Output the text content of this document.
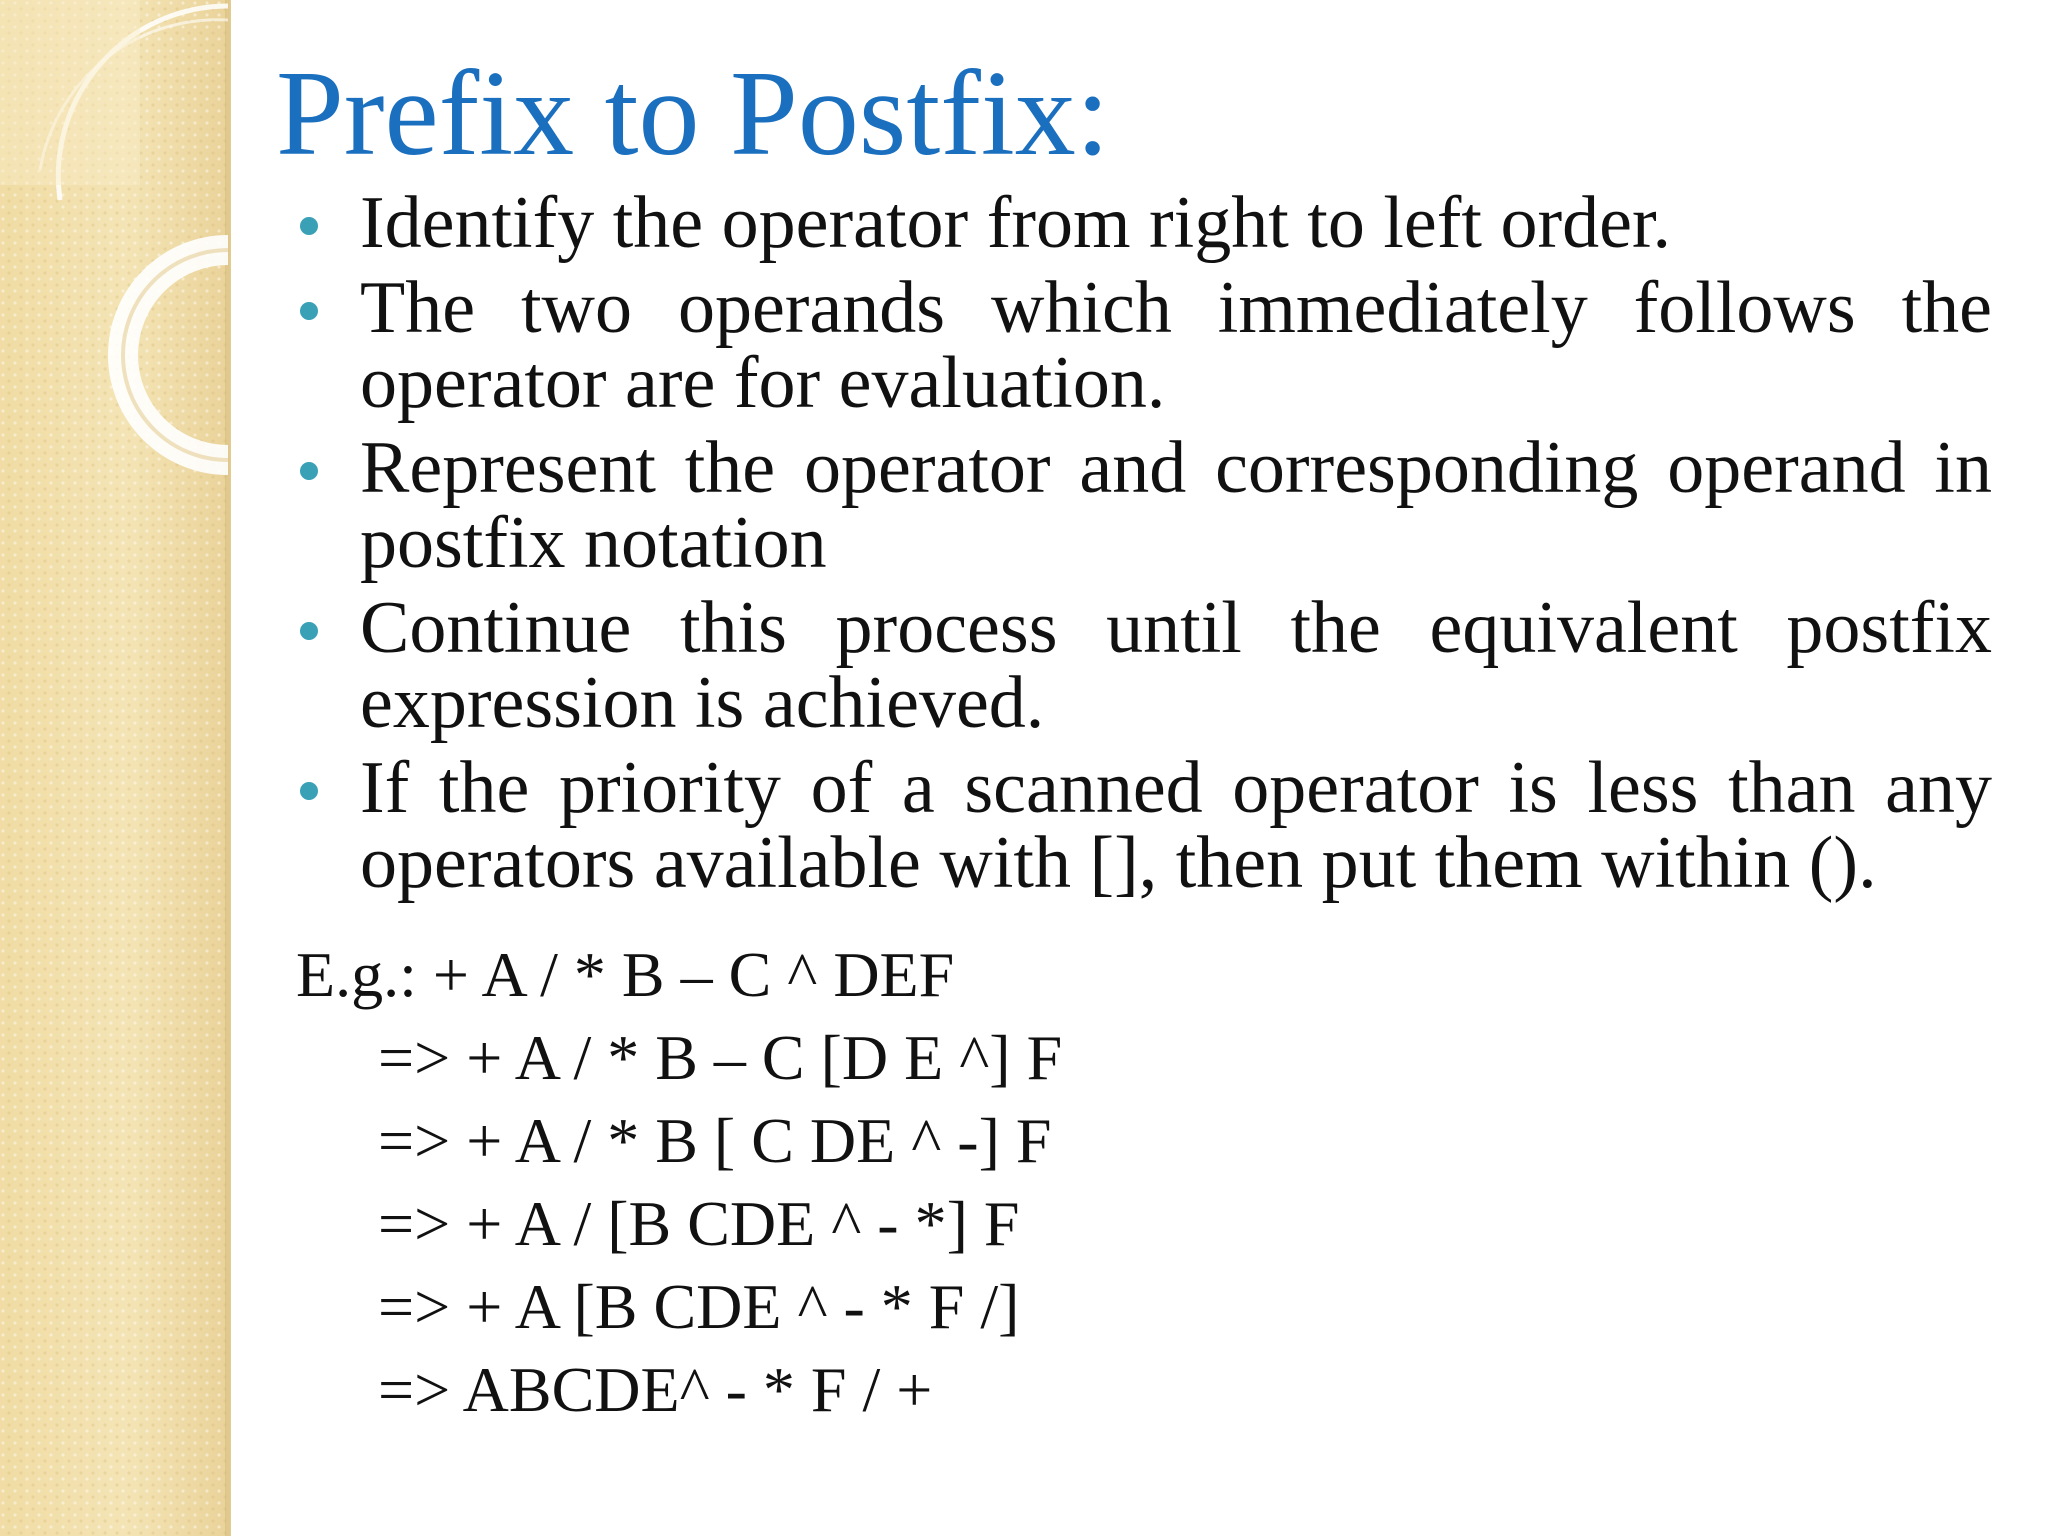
Prefix to Postfix:
Identify the operator from right to left order.
The two operands which immediately follows the operator are for evaluation.
Represent the operator and corresponding operand in postfix notation
Continue this process until the equivalent postfix expression is achieved.
If the priority of a scanned operator is less than any operators available with [], then put them within ().

E.g.: + A / * B – C ^ DEF

=> + A / * B – C [D E ^] F
=> + A / * B [ C DE ^ -] F
=> + A / [B CDE ^ - *] F
=> + A [B CDE ^ - * F /]
=> ABCDE^ - * F / +
